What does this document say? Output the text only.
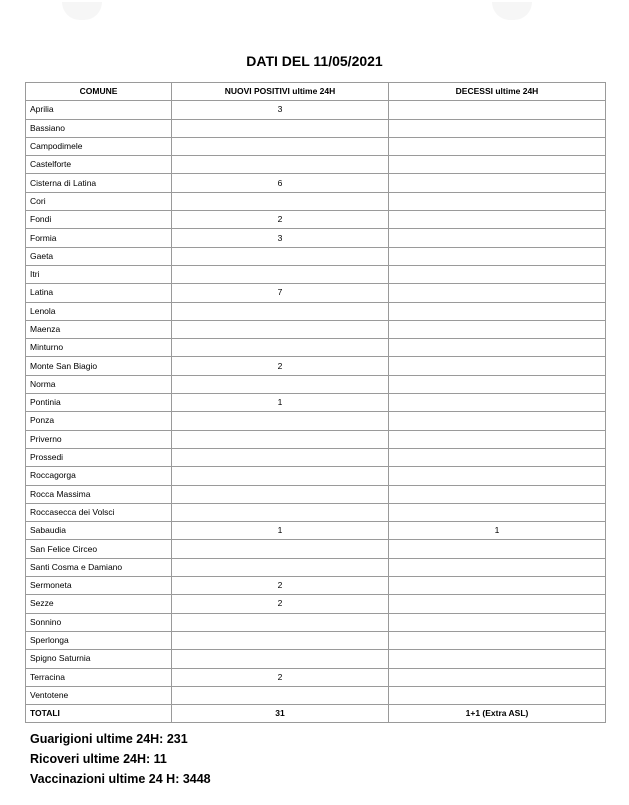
DATI DEL 11/05/2021
COMUNE	NUOVI POSITIVI ultime 24H	DECESSI ultime 24H
Aprilia	3	
Bassiano		
Campodimele		
Castelforte		
Cisterna di Latina	6	
Cori		
Fondi	2	
Formia	3	
Gaeta		
Itri		
Latina	7	
Lenola		
Maenza		
Minturno		
Monte San Biagio	2	
Norma		
Pontinia	1	
Ponza		
Priverno		
Prossedi		
Roccagorga		
Rocca Massima		
Roccasecca dei Volsci		
Sabaudia	1	1
San Felice Circeo		
Santi Cosma e Damiano		
Sermoneta	2	
Sezze	2	
Sonnino		
Sperlonga		
Spigno Saturnia		
Terracina	2	
Ventotene		
TOTALI	31	1+1 (Extra ASL)
Guarigioni ultime 24H: 231
Ricoveri ultime 24H: 11
Vaccinazioni ultime 24 H: 3448
